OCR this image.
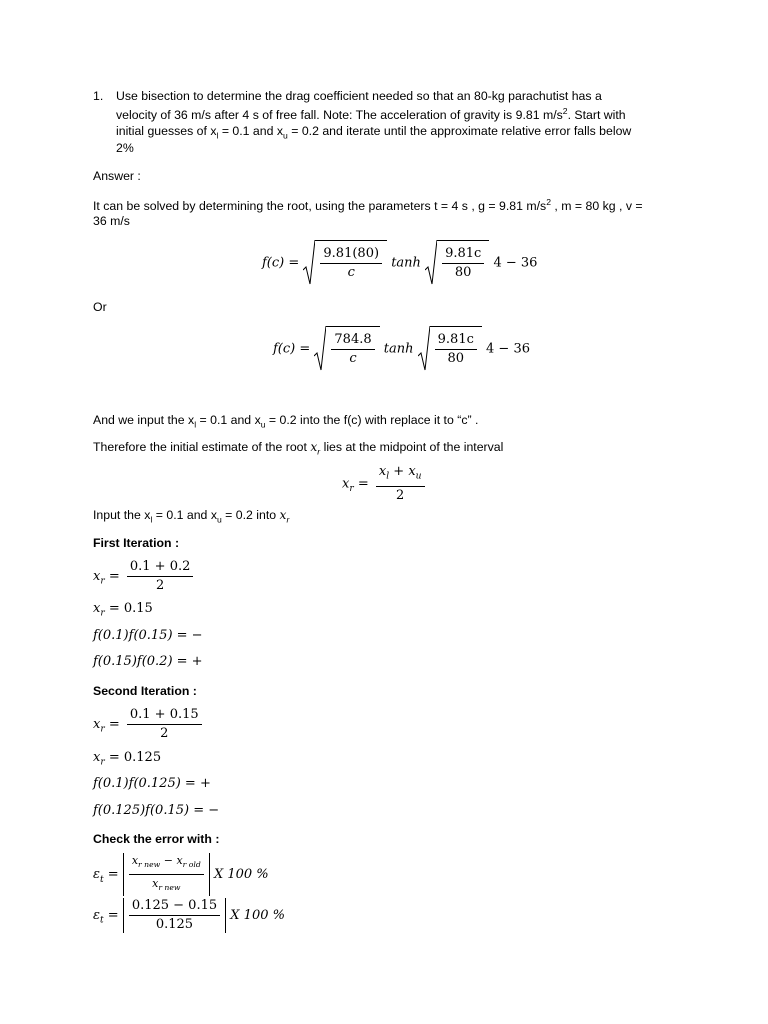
1. Use bisection to determine the drag coefficient needed so that an 80-kg parachutist has a
velocity of 36 m/s after 4 s of free fall. Note: The acceleration of gravity is 9.81 $m/s^2$. Start with
initial guesses of $x_l = 0.1$ and $x_u = 0.2$ and iterate until the approximate relative error falls below
2%
Answer :
It can be solved by determining the root, using the parameters t = 4 s , g = 9.81 $m/s^2$ , m = 80 kg , v =
36 m/s
$f(c) = \frac{9.81(80)}{c}$ $\tanh \frac{9.81c}{80} 4 - 36$
Or
$f(c) = \frac{784.8}{c}$ $\tanh \frac{9.81c}{80} 4 - 36$
And we input the $x_l = 0.1$ and $x_u = 0.2$ into the f(c) with replace it to “c” .
Therefore the initial estimate of the root $x_r$ lies at the midpoint of the interval
$x_r = \frac{x_l + x_u}{2}$
Input the $x_l = 0.1$ and $x_u = 0.2$ into $x_r$
First Iteration :
$x_r = \frac{0.1 + 0.2}{2}$
$x_r = 0.15$
f(0.1)f(0.15) = −
f(0.15)f(0.2) = +
Second Iteration :
$x_r = \frac{0.1 + 0.15}{2}$
$x_r = 0.125$
f(0.1)f(0.125) = +
f(0.125)f(0.15) = −
Check the error with :
$\varepsilon_t = \frac{x_{r new} - x_{r old}}{x_{r new}}$ X 100 %
$\varepsilon_t = \frac{0.125 - 0.15}{0.125}$ X 100 %
